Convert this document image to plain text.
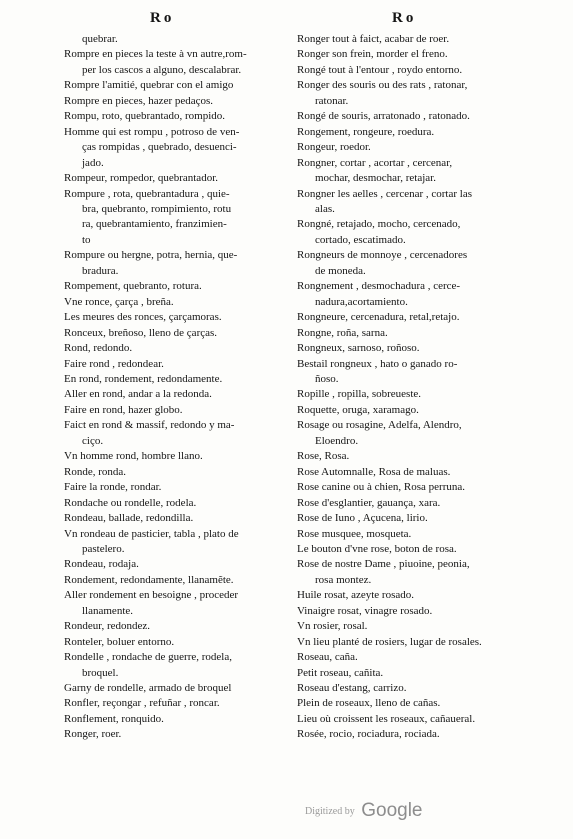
Ro	Ro

quebrar.

Rompre en pieces la teste à vn autre,rom-

per los cascos a alguno, descalabrar.

Rompre l'amitié, quebrar con el amigo

Rompre en pieces, hazer pedaços.

Rompu, roto, quebrantado, rompido.

Homme qui est rompu , potroso de ven-

ças rompidas , quebrado, desuenci-

jado.

Rompeur, rompedor, quebrantador.

Rompure , rota, quebrantadura , quie-

bra, quebranto, rompimiento, rotu

ra, quebrantamiento, franzimien-

to

Rompure ou hergne, potra, hernia, que-

bradura.

Rompement, quebranto, rotura.

Vne ronce, çarça , breña.

Les meures des ronces, çarçamoras.

Ronceux, breñoso, lleno de çarças.

Rond, redondo.

Faire rond , redondear.

En rond, rondement, redondamente.

Aller en rond, andar a la redonda.

Faire en rond, hazer globo.

Faict en rond & massif, redondo y ma-

ciço.

Vn homme rond, hombre llano.

Ronde, ronda.

Faire la ronde, rondar.

Rondache ou rondelle, rodela.

Rondeau, ballade, redondilla.

Vn rondeau de pasticier, tabla , plato de

pastelero.

Rondeau, rodaja.

Rondement, redondamente, llanamẽte.

Aller rondement en besoigne , proceder

llanamente.

Rondeur, redondez.

Ronteler, boluer entorno.

Rondelle , rondache de guerre, rodela,

broquel.

Garny de rondelle, armado de broquel

Ronfler, reçongar , refuñar , roncar.

Ronflement, ronquido.

Ronger, roer.

Ronger tout à faict, acabar de roer.

Ronger son frein, morder el freno.

Rongé tout à l'entour , roydo entorno.

Ronger des souris ou des rats , ratonar,

ratonar.

Rongé de souris, arratonado , ratonado.

Rongement, rongeure, roedura.

Rongeur, roedor.

Rongner, cortar , acortar , cercenar,

mochar, desmochar, retajar.

Rongner les aelles , cercenar , cortar las

alas.

Rongné, retajado, mocho, cercenado,

cortado, escatimado.

Rongneurs de monnoye , cercenadores

de moneda.

Rongnement , desmochadura , cerce-

nadura,acortamiento.

Rongneure, cercenadura, retal,retajo.

Rongne, roña, sarna.

Rongneux, sarnoso, roñoso.

Bestail rongneux , hato o ganado ro-

ñoso.

Ropille , ropilla, sobreueste.

Roquette, oruga, xaramago.

Rosage ou rosagine, Adelfa, Alendro,

Eloendro.

Rose, Rosa.

Rose Automnalle, Rosa de maluas.

Rose canine ou à chien, Rosa perruna.

Rose d'esglantier, gauança, xara.

Rose de Iuno , Açucena, lirio.

Rose musquee, mosqueta.

Le bouton d'vne rose, boton de rosa.

Rose de nostre Dame , piuoine, peonia,

rosa montez.

Huile rosat, azeyte rosado.

Vinaigre rosat, vinagre rosado.

Vn rosier, rosal.

Vn lieu planté de rosiers, lugar de rosales.

Roseau, caña.

Petit roseau, cañita.

Roseau d'estang, carrizo.

Plein de roseaux, lleno de cañas.

Lieu où croissent les roseaux, cañaueral.

Rosée, rocio, rociadura, rociada.

Digitized by Google
